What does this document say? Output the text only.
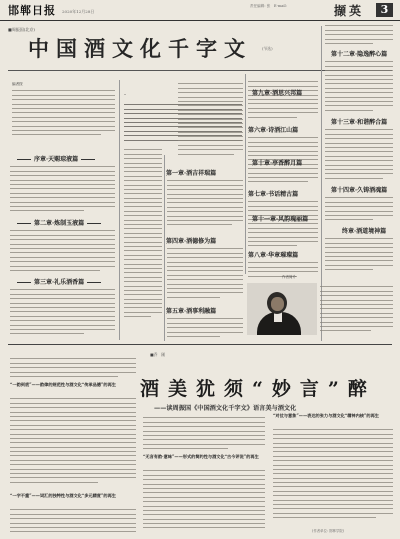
邯郸日报 2020年12月28日
责任编辑: 张　E-mail:	撷英	3
■周振国(北京)
中国酒文化千字文	(节选)
编者按
“
序章·天赐琼液篇
第二章·炼制玉液篇
第三章·礼乐酒香篇
第一章·酒吉祥瑞篇
第四章·酒德修为篇
第五章·酒事利融篇
第六章·诗酒江山篇
第七章·书话精古篇
第八章·华章璀璨篇
第九章·酒思兴邦篇
第十章·亭香醉月篇
第十一章·风韵瑰丽篇
第十二章·隐逸醉心篇
第十三章·和谐醉合篇
第十四章·久铸酒魂篇
终章·酒道境神篇
作者简介
■乔　刚
酒美犹须“妙言”醉
——读周振国《中国酒文化千字文》语言美与酒文化
“一韵到底”——韵律的规范性与酒文化“传承品德”的再生
“一字不重”——词汇的独特性与酒文化“多元精度”的再生
“无言有韵·意味”——形式的简约性与酒文化“古今评说”的再生
“对仗与意象”——表达的张力与酒文化“精神内核”的再生
(作者单位: 邯郸学院)
